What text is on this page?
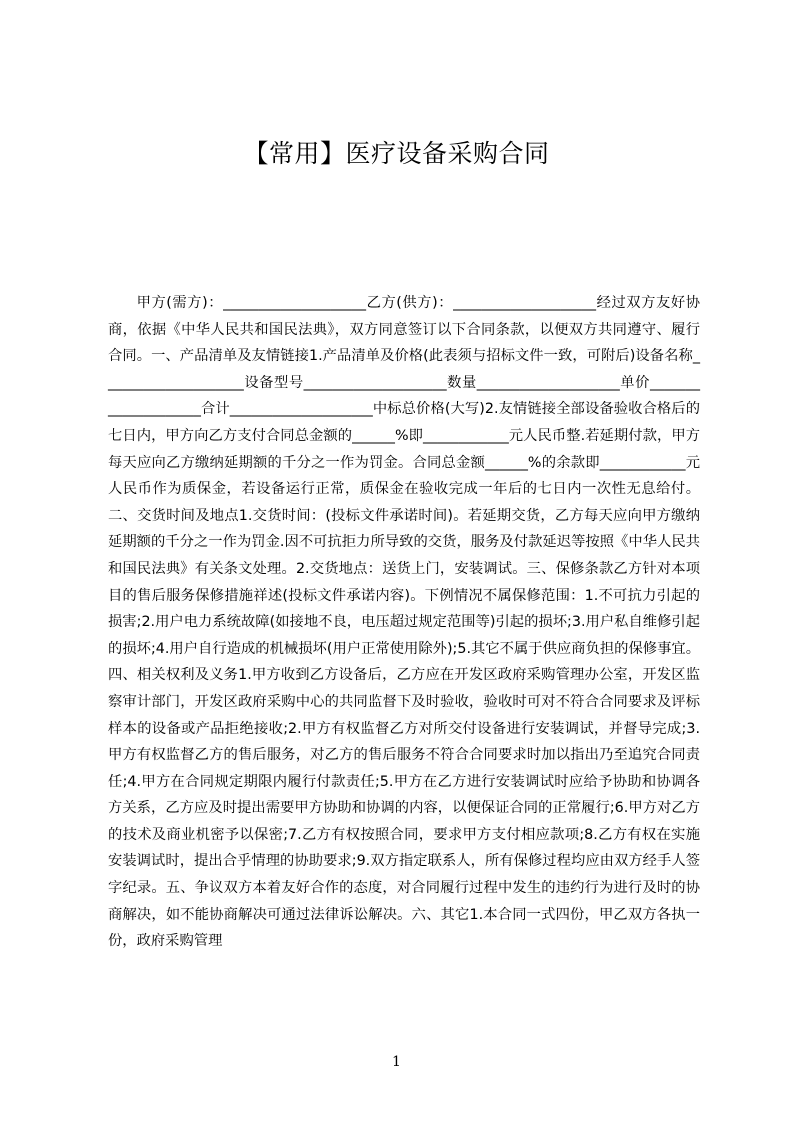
【常用】医疗设备采购合同

甲方(需方)：____________________乙方(供方)：____________________经过双方友好协商，依据《中华人民共和国民法典》，双方同意签订以下合同条款，以便双方共同遵守、履行合同。一、产品清单及友情链接1.产品清单及价格(此表须与招标文件一致，可附后)设备名称____________________设备型号____________________数量____________________单价____________________合计____________________中标总价格(大写)2.友情链接全部设备验收合格后的七日内，甲方向乙方支付合同总金额的______%即____________元人民币整.若延期付款，甲方每天应向乙方缴纳延期额的千分之一作为罚金。合同总金额______%的余款即____________元人民币作为质保金，若设备运行正常，质保金在验收完成一年后的七日内一次性无息给付。二、交货时间及地点1.交货时间：(投标文件承诺时间)。若延期交货，乙方每天应向甲方缴纳延期额的千分之一作为罚金.因不可抗拒力所导致的交货，服务及付款延迟等按照《中华人民共和国民法典》有关条文处理。2.交货地点：送货上门，安装调试。三、保修条款乙方针对本项目的售后服务保修措施祥述(投标文件承诺内容)。下例情况不属保修范围：1.不可抗力引起的损害;2.用户电力系统故障(如接地不良，电压超过规定范围等)引起的损坏;3.用户私自维修引起的损坏;4.用户自行造成的机械损坏(用户正常使用除外);5.其它不属于供应商负担的保修事宜。四、相关权利及义务1.甲方收到乙方设备后，乙方应在开发区政府采购管理办公室，开发区监察审计部门，开发区政府采购中心的共同监督下及时验收，验收时可对不符合合同要求及评标样本的设备或产品拒绝接收;2.甲方有权监督乙方对所交付设备进行安装调试，并督导完成;3.甲方有权监督乙方的售后服务，对乙方的售后服务不符合合同要求时加以指出乃至追究合同责任;4.甲方在合同规定期限内履行付款责任;5.甲方在乙方进行安装调试时应给予协助和协调各方关系，乙方应及时提出需要甲方协助和协调的内容，以便保证合同的正常履行;6.甲方对乙方的技术及商业机密予以保密;7.乙方有权按照合同，要求甲方支付相应款项;8.乙方有权在实施安装调试时，提出合乎情理的协助要求;9.双方指定联系人，所有保修过程均应由双方经手人签字纪录。五、争议双方本着友好合作的态度，对合同履行过程中发生的违约行为进行及时的协商解决，如不能协商解决可通过法律诉讼解决。六、其它1.本合同一式四份，甲乙双方各执一份，政府采购管理

1
